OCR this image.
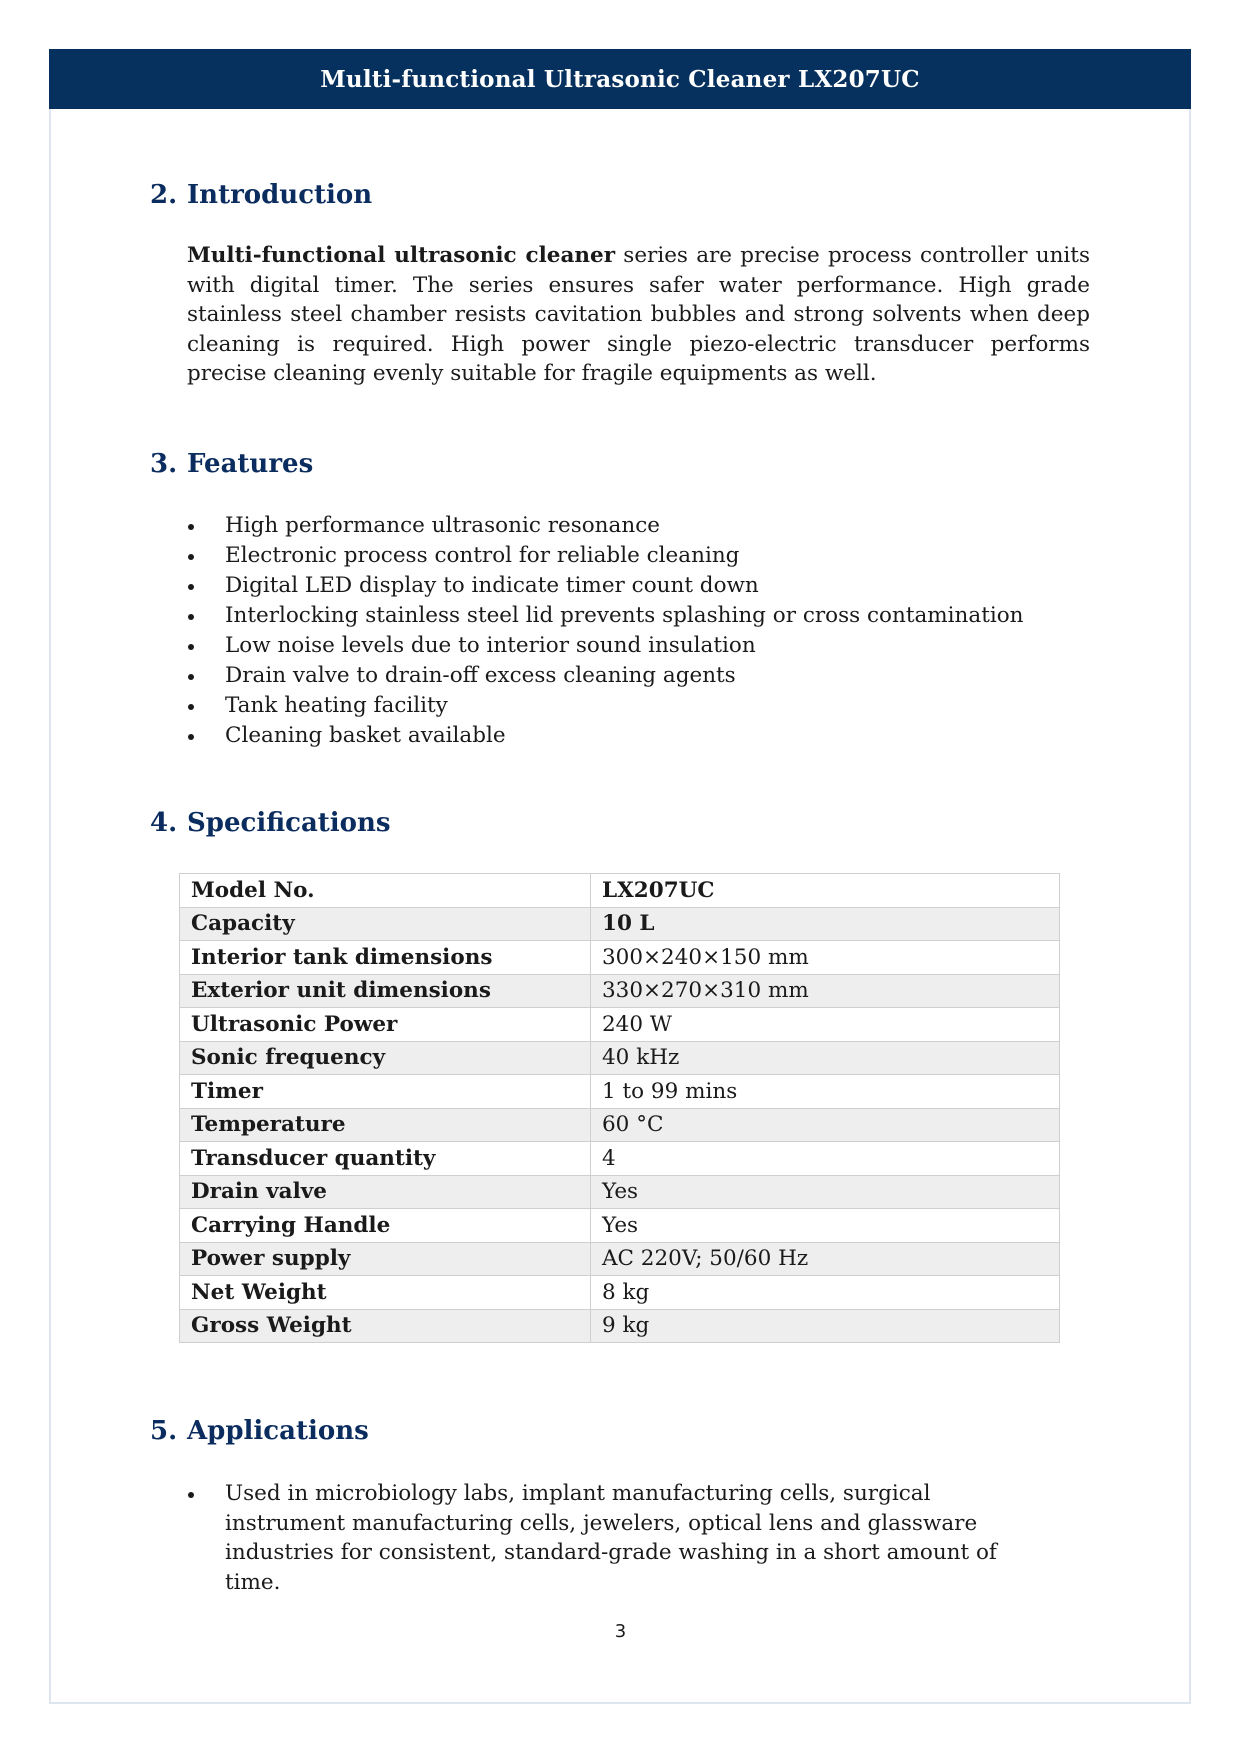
Multi-functional Ultrasonic Cleaner LX207UC
2. Introduction
Multi-functional ultrasonic cleaner series are precise process controller units with digital timer. The series ensures safer water performance. High grade stainless steel chamber resists cavitation bubbles and strong solvents when deep cleaning is required. High power single piezo-electric transducer performs precise cleaning evenly suitable for fragile equipments as well.
3. Features
High performance ultrasonic resonance
Electronic process control for reliable cleaning
Digital LED display to indicate timer count down
Interlocking stainless steel lid prevents splashing or cross contamination
Low noise levels due to interior sound insulation
Drain valve to drain-off excess cleaning agents
Tank heating facility
Cleaning basket available
4. Specifications
Model No.	LX207UC
Capacity	10 L
Interior tank dimensions	300×240×150 mm
Exterior unit dimensions	330×270×310 mm
Ultrasonic Power	240 W
Sonic frequency	40 kHz
Timer	1 to 99 mins
Temperature	60 °C
Transducer quantity	4
Drain valve	Yes
Carrying Handle	Yes
Power supply	AC 220V; 50/60 Hz
Net Weight	8 kg
Gross Weight	9 kg
5. Applications
Used in microbiology labs, implant manufacturing cells, surgical instrument manufacturing cells, jewelers, optical lens and glassware industries for consistent, standard-grade washing in a short amount of time.
3
